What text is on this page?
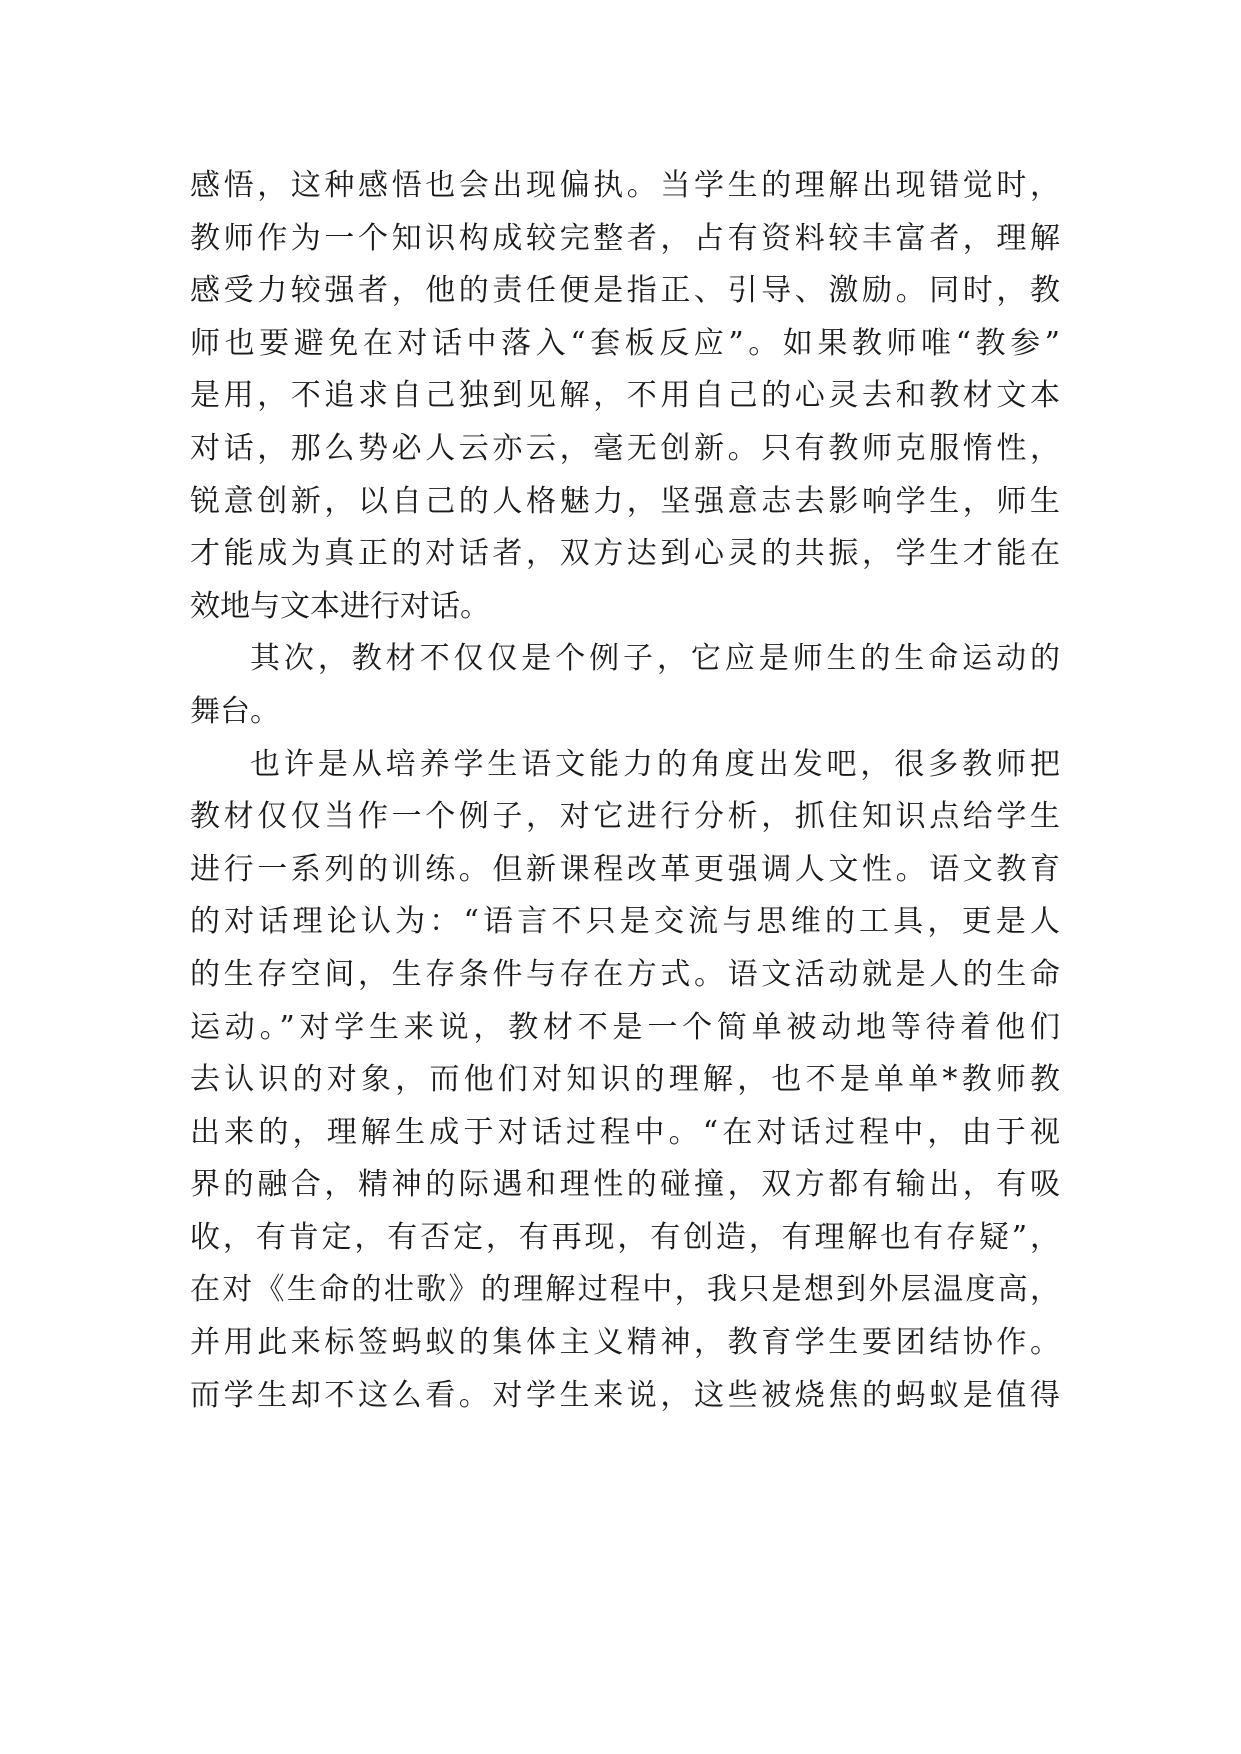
感悟，这种感悟也会出现偏执。当学生的理解出现错觉时，
教师作为一个知识构成较完整者，占有资料较丰富者，理解
感受力较强者，他的责任便是指正、引导、激励。同时，教
师也要避免在对话中落入“套板反应”。如果教师唯“教参”
是用，不追求自己独到见解，不用自己的心灵去和教材文本
对话，那么势必人云亦云，毫无创新。只有教师克服惰性，
锐意创新，以自己的人格魅力，坚强意志去影响学生，师生
才能成为真正的对话者，双方达到心灵的共振，学生才能在
效地与文本进行对话。
其次，教材不仅仅是个例子，它应是师生的生命运动的
舞台。
也许是从培养学生语文能力的角度出发吧，很多教师把
教材仅仅当作一个例子，对它进行分析，抓住知识点给学生
进行一系列的训练。但新课程改革更强调人文性。语文教育
的对话理论认为：“语言不只是交流与思维的工具，更是人
的生存空间，生存条件与存在方式。语文活动就是人的生命
运动。”对学生来说，教材不是一个简单被动地等待着他们
去认识的对象，而他们对知识的理解，也不是单单*教师教
出来的，理解生成于对话过程中。“在对话过程中，由于视
界的融合，精神的际遇和理性的碰撞，双方都有输出，有吸
收，有肯定，有否定，有再现，有创造，有理解也有存疑”，
在对《生命的壮歌》的理解过程中，我只是想到外层温度高，
并用此来标签蚂蚁的集体主义精神，教育学生要团结协作。
而学生却不这么看。对学生来说，这些被烧焦的蚂蚁是值得
